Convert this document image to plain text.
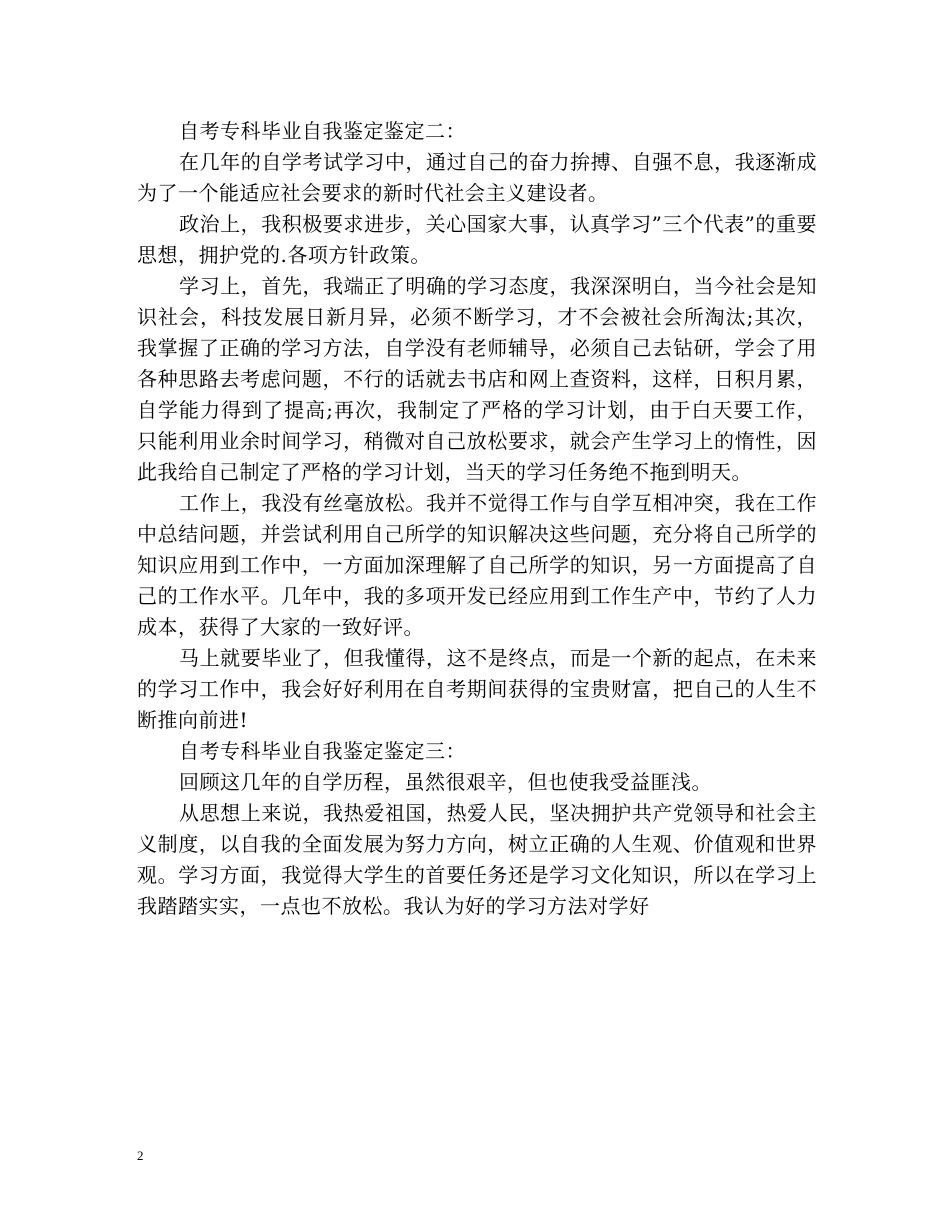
自考专科毕业自我鉴定鉴定二：

在几年的自学考试学习中，通过自己的奋力拚搏、自强不息，我逐渐成为了一个能适应社会要求的新时代社会主义建设者。

政治上，我积极要求进步，关心国家大事，认真学习”三个代表”的重要思想，拥护党的.各项方针政策。

学习上，首先，我端正了明确的学习态度，我深深明白，当今社会是知识社会，科技发展日新月异，必须不断学习，才不会被社会所淘汰;其次，我掌握了正确的学习方法，自学没有老师辅导，必须自己去钻研，学会了用各种思路去考虑问题，不行的话就去书店和网上查资料，这样，日积月累，自学能力得到了提高;再次，我制定了严格的学习计划，由于白天要工作，只能利用业余时间学习，稍微对自己放松要求，就会产生学习上的惰性，因此我给自己制定了严格的学习计划，当天的学习任务绝不拖到明天。

工作上，我没有丝毫放松。我并不觉得工作与自学互相冲突，我在工作中总结问题，并尝试利用自己所学的知识解决这些问题，充分将自己所学的知识应用到工作中，一方面加深理解了自己所学的知识，另一方面提高了自己的工作水平。几年中，我的多项开发已经应用到工作生产中，节约了人力成本，获得了大家的一致好评。

马上就要毕业了，但我懂得，这不是终点，而是一个新的起点，在未来的学习工作中，我会好好利用在自考期间获得的宝贵财富，把自己的人生不断推向前进!

自考专科毕业自我鉴定鉴定三：

回顾这几年的自学历程，虽然很艰辛，但也使我受益匪浅。

从思想上来说，我热爱祖国，热爱人民，坚决拥护共产党领导和社会主义制度，以自我的全面发展为努力方向，树立正确的人生观、价值观和世界观。学习方面，我觉得大学生的首要任务还是学习文化知识，所以在学习上我踏踏实实，一点也不放松。我认为好的学习方法对学好

2
